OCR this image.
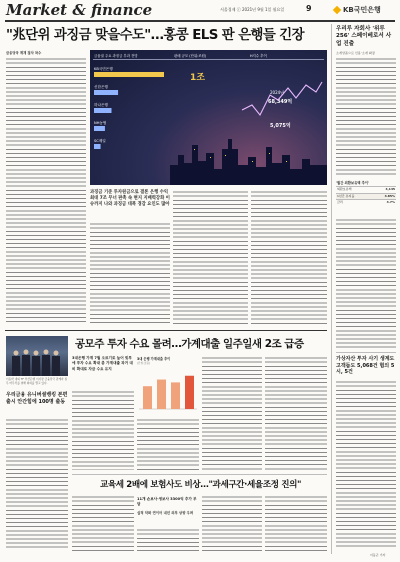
Market & finance	서울경제 ⓒ 2021년 9월 1일 월요일	9	KB국민은행
"兆단위 과징금 맞을수도"…홍콩 ELS 판 은행들 긴장
금융당국 제재 절차 착수
금융권 주요 과징금 부과 전망	판매 규모 (단위:조원)	H지수 추이
KB국민은행
신한은행
하나은행
NH농협
SC제일
1조
2024년
68,349억
5,075억
과징금 기준 투자원금으로 결론 은행 수익 최대 7조 무너 판촉 속 현지 지배력강화 이슈까지 나와 과징금 대폭 경감 요인도 많아
우리루 자회사 '위루256' 스페이베로서 사업 진출
소개상품으로 신용·소개 확장
'월간 외환보유액 추이'
외환보유액	4,145
1년간 유지율	4.85%
금리	4.7%
가상자산 투자 사기 생계도 고객돕도 5,068건 혐의 5시, 5건
공모주 투자 수요 몰려…가계대출 일주일새 2조 급증
이동학 내외 TF 부산은행 이사장 금융당국 관계자 실무 마무리를 위해 회의를 열고 있다.
우리금융 유니버셜뱅킹 본편 출시 안간힘에 100명 출동
3대은행 가계 7월 오르기로 늘어 빚투에 투자 수요 확대 총 가계대출 과거 대비 확대로 자금 수요 유지
3대 은행 가계대출 추이
(단위:조원)
교육세 2배에 보험사도 비상…"과세구간·세율조정 진의"
11개 손보사·생보사 3300억 추가 부담
실적 악화 연이어 내년 외부 상향 우려
이동곤 기자
